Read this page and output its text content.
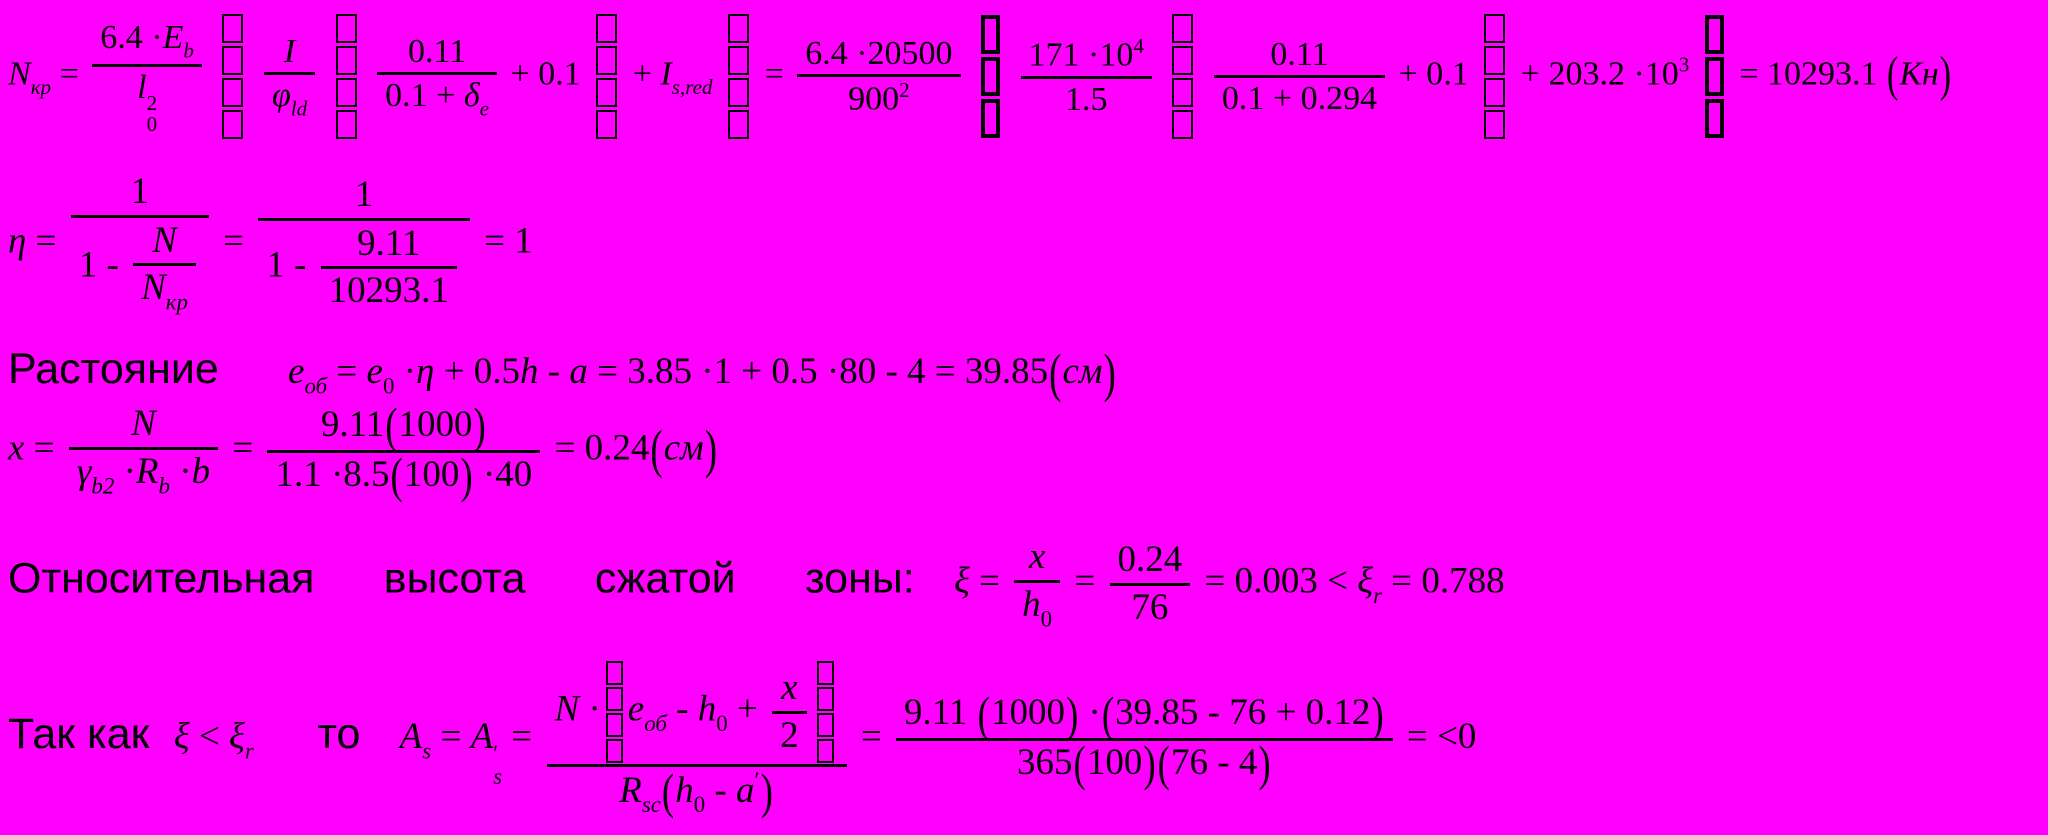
$N_{кр} = 6.4 \cdot E_b$
l 2
0

$\frac{I}{\varphi_{ld}}$

$\frac{0.11}{0.1 + \delta_e} + 0.1 + I_{s,red} = \frac{6.4 \cdot 20500}{900^2}$

$\frac{171 \cdot 10^4}{1.5}$

$\frac{0.11}{0.1 + 0.294} + 0.1 + 203.2 \cdot 10^3 = 10293.1$ (Кн)
$\eta = \frac{1}{1 - \frac{N}{N_{кр}}} = \frac{1}{1 - \frac{9.11}{10293.1}} = 1$
Растояние $e_{об} = e_0 \cdot\eta + 0.5h - a = 3.85 \cdot 1 + 0.5 \cdot 80 - 4 = 39.85(см)$
$x = \frac{N}{\gamma_{b2} \cdot R_b \cdot b} = \frac{9.11(1000)}{1.1 \cdot 8.5(100) \cdot 40} = 0.24(см)$
Относительная высота сжатой зоны: $\xi = \frac{x}{h_0} = \frac{0.24}{76} = 0.003 < \xi_r = 0.788$
Так как $\xi < \xi_r$ то $A_s = A$ ′
s
= $\frac{N \cdot e_{об} - h_0 + \frac{x}{2}}{R_{sc}(h_0 - a')} = \frac{9.11 (1000) \cdot(39.85 - 76 + 0.12)}{365(100)(76 - 4)} = <0$
